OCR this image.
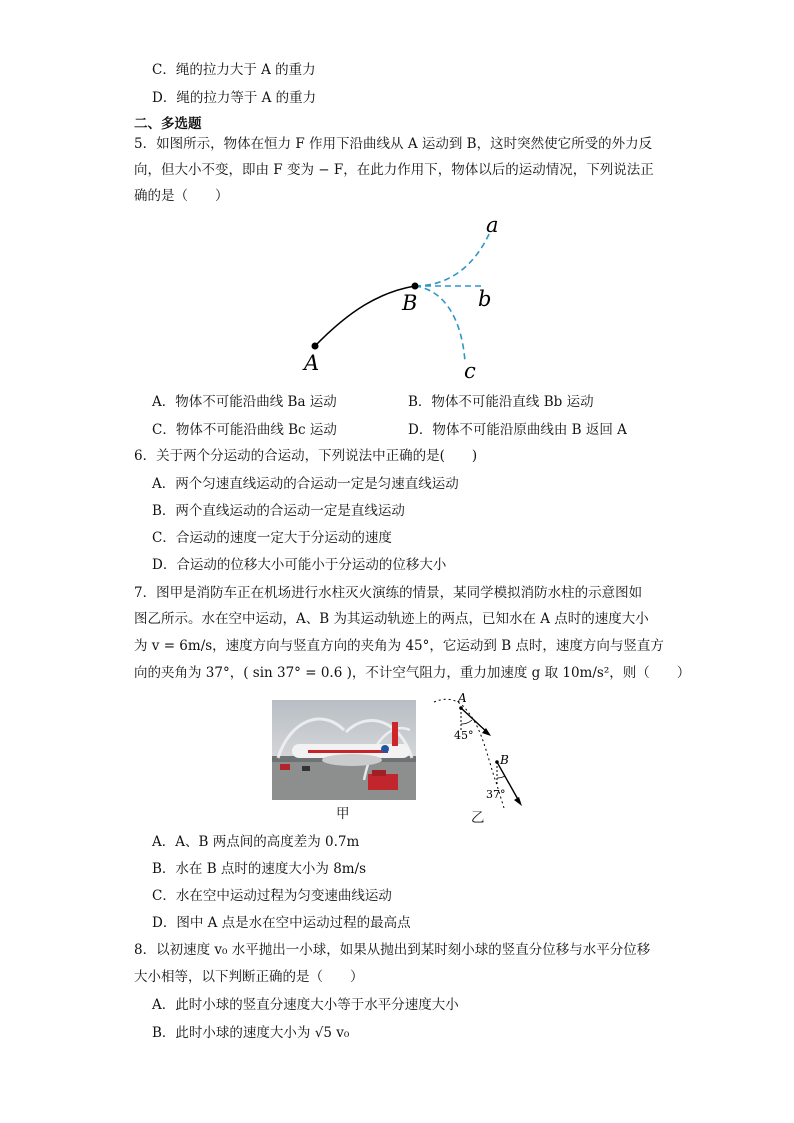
C．绳的拉力大于 A 的重力
D．绳的拉力等于 A 的重力
二、多选题
5．如图所示，物体在恒力 F 作用下沿曲线从 A 运动到 B，这时突然使它所受的外力反
向，但大小不变，即由 F 变为 − F，在此力作用下，物体以后的运动情况，下列说法正
确的是（　　）
a
b
c
A
B
A．物体不可能沿曲线 Ba 运动	B．物体不可能沿直线 Bb 运动
C．物体不可能沿曲线 Bc 运动	D．物体不可能沿原曲线由 B 返回 A
6．关于两个分运动的合运动，下列说法中正确的是(　　)
A．两个匀速直线运动的合运动一定是匀速直线运动
B．两个直线运动的合运动一定是直线运动
C．合运动的速度一定大于分运动的速度
D．合运动的位移大小可能小于分运动的位移大小
7．图甲是消防车正在机场进行水柱灭火演练的情景，某同学模拟消防水柱的示意图如
图乙所示。水在空中运动，A、B 为其运动轨迹上的两点，已知水在 A 点时的速度大小
为 v = 6m/s，速度方向与竖直方向的夹角为 45°，它运动到 B 点时，速度方向与竖直方
向的夹角为 37°，( sin 37° = 0.6 )，不计空气阻力，重力加速度 g 取 10m/s²，则（　　）
甲
A
B
45°
37°
乙
A．A、B 两点间的高度差为 0.7m
B．水在 B 点时的速度大小为 8m/s
C．水在空中运动过程为匀变速曲线运动
D．图中 A 点是水在空中运动过程的最高点
8．以初速度 v₀ 水平抛出一小球，如果从抛出到某时刻小球的竖直分位移与水平分位移
大小相等，以下判断正确的是（　　）
A．此时小球的竖直分速度大小等于水平分速度大小
B．此时小球的速度大小为 √5 v₀
